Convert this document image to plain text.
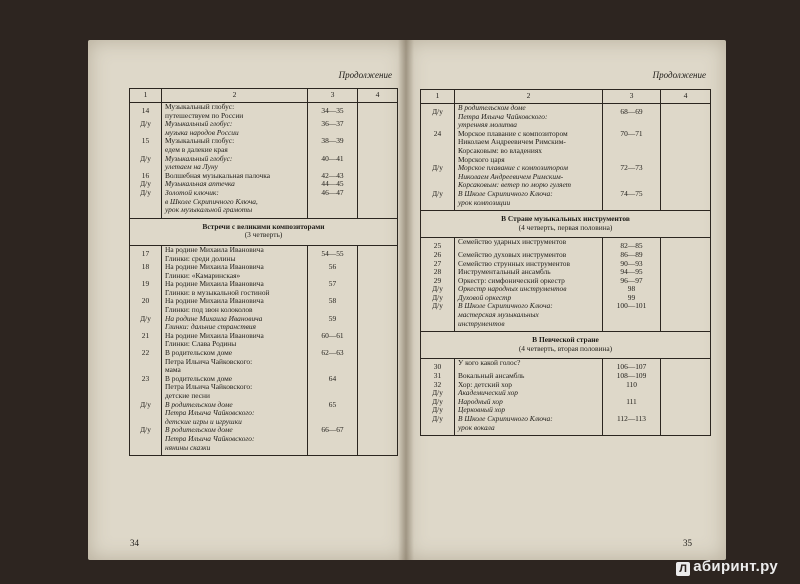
Продолжение
1	2	3	4
14	Музыкальный глобус:
путешествуем по России	34—35	
Д/у	Музыкальный глобус:
музыка народов России	36—37	
15	Музыкальный глобус:
едем в далекие края	38—39	
Д/у	Музыкальный глобус:
улетаем на Луну	40—41	
16	Волшебная музыкальная палочка	42—43	
Д/у	Музыкальная аптечка	44—45	
Д/у	Золотой ключик:
в Школе Скрипичного Ключа,
урок музыкальной грамоты	46—47	

Встречи с великими композиторами
(3 четверть)			

17	На родине Михаила Ивановича
Глинки: среди долины	54—55	
18	На родине Михаила Ивановича
Глинки: «Камаринская»	56	
19	На родине Михаила Ивановича
Глинки: в музыкальной гостиной	57	
20	На родине Михаила Ивановича
Глинки: под звон колоколов	58	
Д/у	На родине Михаила Ивановича
Глинки: дальние странствия	59	
21	На родине Михаила Ивановича
Глинки: Слава Родины	60—61	
22	В родительском доме
Петра Ильича Чайковского:
мама	62—63	
23	В родительском доме
Петра Ильича Чайковского:
детские песни	64	
Д/у	В родительском доме
Петра Ильича Чайковского:
детские игры и игрушки	65	
Д/у	В родительском доме
Петра Ильича Чайковского:
нянины сказки	66—67	
34
Продолжение
1	2	3	4
Д/у	В родительском доме
Петра Ильича Чайковского:
утренняя молитва	68—69	
24	Морское плавание с композитором
Николаем Андреевичем Римским-
Корсаковым: во владениях
Морского царя	70—71	
Д/у	Морское плавание с композитором
Николаем Андреевичем Римским-
Корсаковым: ветер по морю гуляет	72—73	
Д/у	В Школе Скрипичного Ключа:
урок композиции	74—75	

В Стране музыкальных инструментов
(4 четверть, первая половина)			

25	Семейство ударных инструментов	82—85	
26	Семейство духовых инструментов	86—89	
27	Семейство струнных инструментов	90—93	
28	Инструментальный ансамбль	94—95	
29	Оркестр: симфонический оркестр	96—97	
Д/у	Оркестр народных инструментов	98	
Д/у	Духовой оркестр	99	
Д/у	В Школе Скрипичного Ключа:
мастерская музыкальных
инструментов	100—101	

В Певческой стране
(4 четверть, вторая половина)			

30	У кого какой голос?	106—107	
31	Вокальный ансамбль	108—109	
32	Хор: детский хор	110	
Д/у	Академический хор		
Д/у	Народный хор	111	
Д/у	Церковный хор		
Д/у	В Школе Скрипичного Ключа:
урок вокала	112—113	
35
Л абиринт.ру
